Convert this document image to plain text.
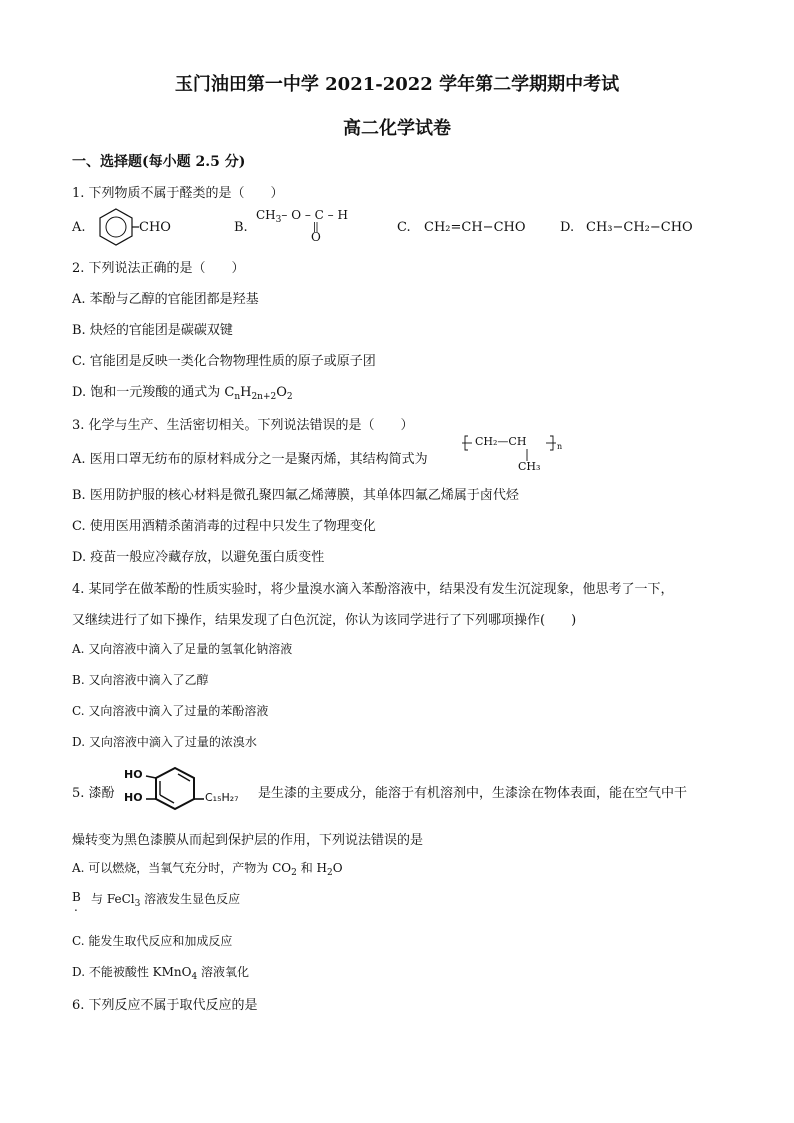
玉门油田第一中学 2021-2022 学年第二学期期中考试
高二化学试卷
一、选择题(每小题 2.5 分)
1. 下列物质不属于醛类的是（　　）
A.	CHO	B.
$CH_3-$ O – C – H
O
C. CH₂=CH−CHO	D. CH₃−CH₂−CHO
2. 下列说法正确的是（　　）
A. 苯酚与乙醇的官能团都是羟基
B. 炔烃的官能团是碳碳双键
C. 官能团是反映一类化合物物理性质的原子或原子团
D. 饱和一元羧酸的通式为 $C_nH_{2n+2}O_2$
3. 化学与生产、生活密切相关。下列说法错误的是（　　）
A. 医用口罩无纺布的原材料成分之一是聚丙烯，其结构简式为
CH₂—CH	n
CH₃
B. 医用防护服的核心材料是微孔聚四氟乙烯薄膜，其单体四氟乙烯属于卤代烃
C. 使用医用酒精杀菌消毒的过程中只发生了物理变化
D. 疫苗一般应冷藏存放，以避免蛋白质变性
4. 某同学在做苯酚的性质实验时，将少量溴水滴入苯酚溶液中，结果没有发生沉淀现象，他思考了一下，
又继续进行了如下操作，结果发现了白色沉淀，你认为该同学进行了下列哪项操作(　　)
A. 又向溶液中滴入了足量的氢氧化钠溶液
B. 又向溶液中滴入了乙醇
C. 又向溶液中滴入了过量的苯酚溶液
D. 又向溶液中滴入了过量的浓溴水
5. 漆酚
HO
HO	C₁₅H₂₇ 是生漆的主要成分，能溶于有机溶剂中，生漆涂在物体表面，能在空气中干
燥转变为黑色漆膜从而起到保护层的作用，下列说法错误的是
A. 可以燃烧，当氧气充分时，产物为 $CO_2$ 和 $H_2O$
B
.
与 FeCl$_3$ 溶液发生显色反应
C. 能发生取代反应和加成反应
D. 不能被酸性 KMnO$_4$ 溶液氧化
6. 下列反应不属于取代反应的是
